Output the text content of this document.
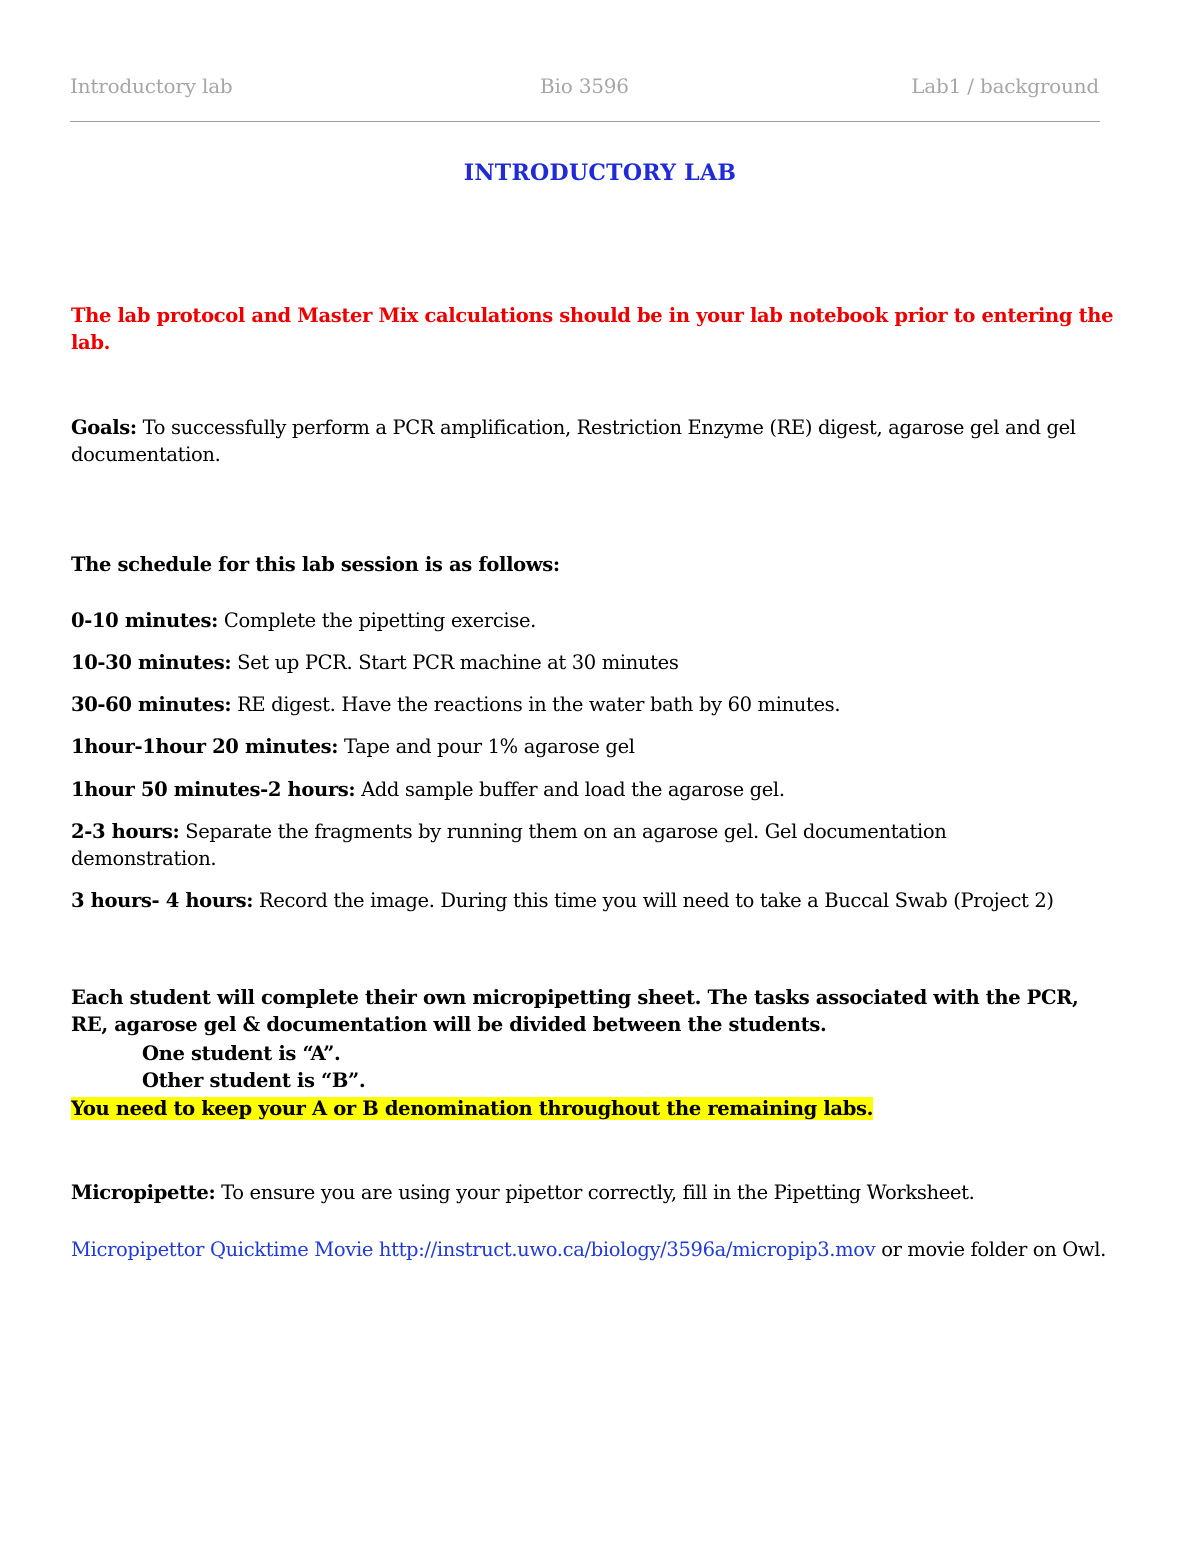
Introductory lab	Bio 3596	Lab1 / background
INTRODUCTORY LAB
The lab protocol and Master Mix calculations should be in your lab notebook prior to entering the lab.
Goals: To successfully perform a PCR amplification, Restriction Enzyme (RE) digest, agarose gel and gel documentation.
The schedule for this lab session is as follows:
0-10 minutes: Complete the pipetting exercise.
10-30 minutes: Set up PCR. Start PCR machine at 30 minutes
30-60 minutes: RE digest. Have the reactions in the water bath by 60 minutes.
1hour-1hour 20 minutes: Tape and pour 1% agarose gel
1hour 50 minutes-2 hours: Add sample buffer and load the agarose gel.
2-3 hours: Separate the fragments by running them on an agarose gel. Gel documentation demonstration.
3 hours- 4 hours: Record the image. During this time you will need to take a Buccal Swab (Project 2)
Each student will complete their own micropipetting sheet. The tasks associated with the PCR, RE, agarose gel & documentation will be divided between the students.
One student is “A”.
Other student is “B”.
You need to keep your A or B denomination throughout the remaining labs.
Micropipette: To ensure you are using your pipettor correctly, fill in the Pipetting Worksheet.
Micropipettor Quicktime Movie http://instruct.uwo.ca/biology/3596a/micropip3.mov or movie folder on Owl.
